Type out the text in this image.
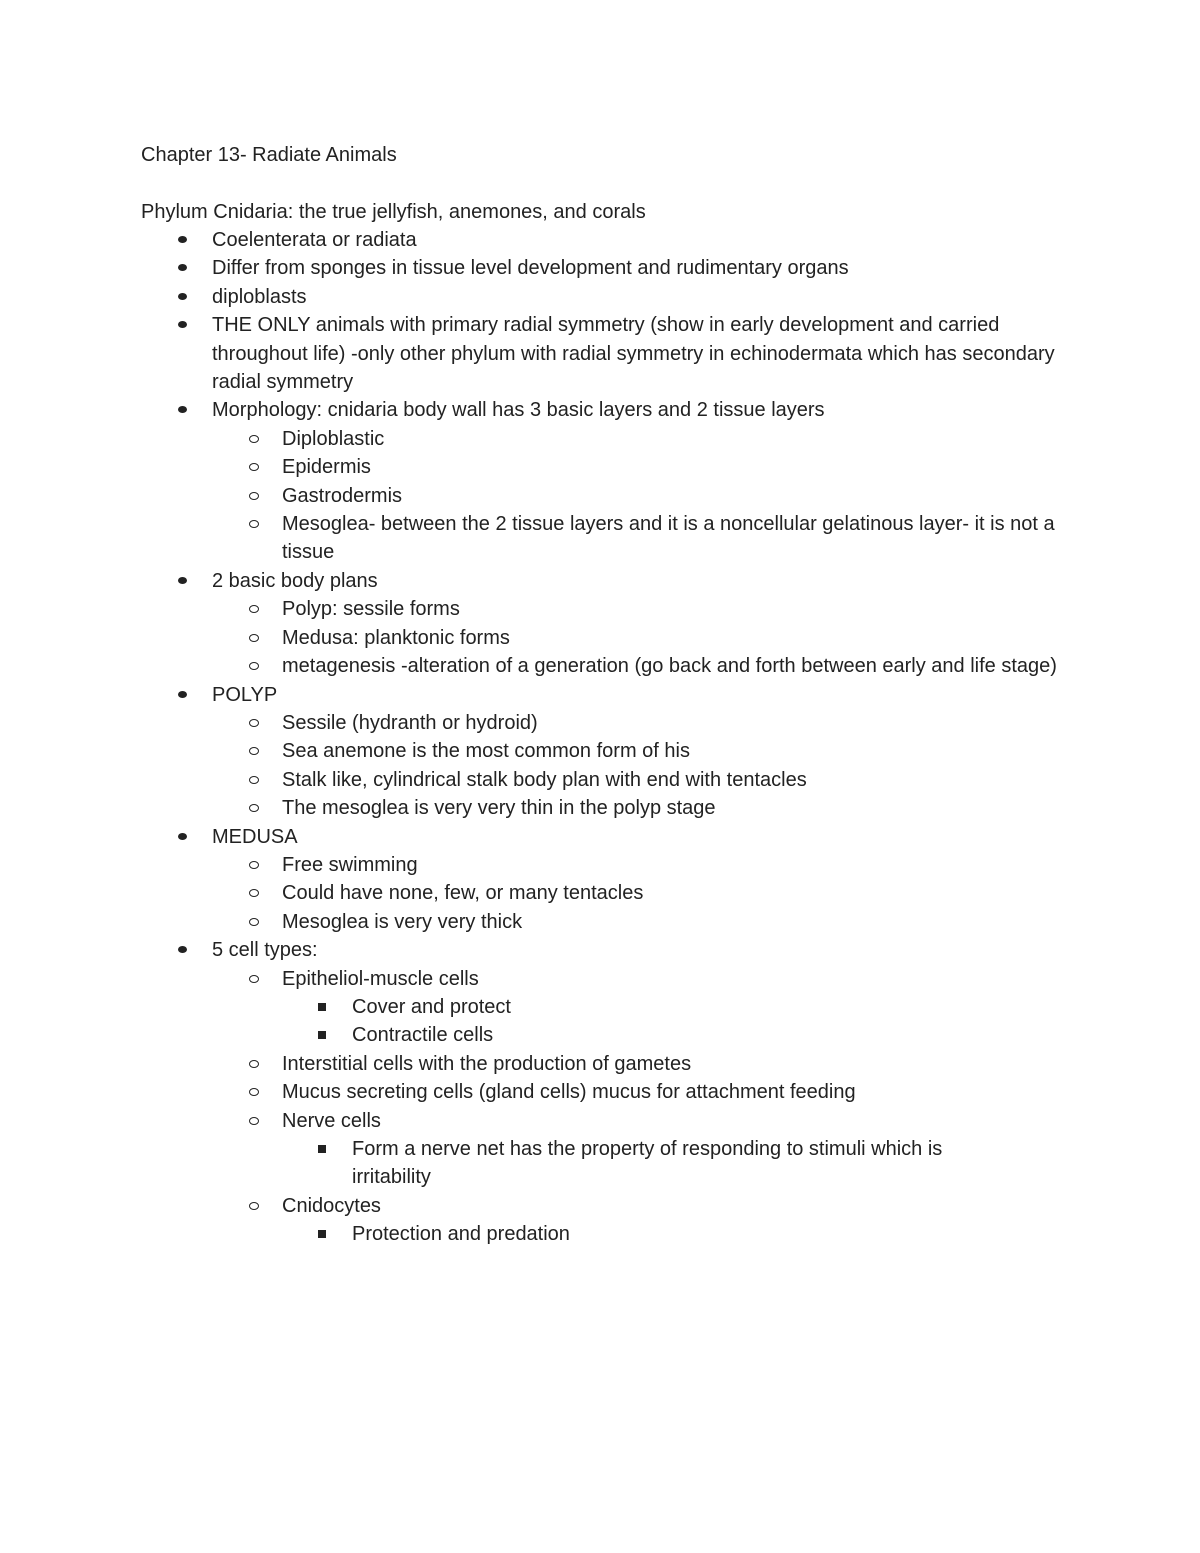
Chapter 13- Radiate Animals

Phylum Cnidaria: the true jellyfish, anemones, and corals

Coelenterata or radiata
Differ from sponges in tissue level development and rudimentary organs
diploblasts
THE ONLY animals with primary radial symmetry (show in early development and carried throughout life) -only other phylum with radial symmetry in echinodermata which has secondary radial symmetry
Morphology: cnidaria body wall has 3 basic layers and 2 tissue layers
Diploblastic
Epidermis
Gastrodermis
Mesoglea- between the 2 tissue layers and it is a noncellular gelatinous layer- it is not a tissue
2 basic body plans
Polyp: sessile forms
Medusa: planktonic forms
metagenesis -alteration of a generation (go back and forth between early and life stage)
POLYP
Sessile (hydranth or hydroid)
Sea anemone is the most common form of his
Stalk like, cylindrical stalk body plan with end with tentacles
The mesoglea is very very thin in the polyp stage
MEDUSA
Free swimming
Could have none, few, or many tentacles
Mesoglea is very very thick
5 cell types:
Epitheliol-muscle cells
Cover and protect
Contractile cells
Interstitial cells with the production of gametes
Mucus secreting cells (gland cells) mucus for attachment feeding
Nerve cells
Form a nerve net has the property of responding to stimuli which is irritability
Cnidocytes
Protection and predation
